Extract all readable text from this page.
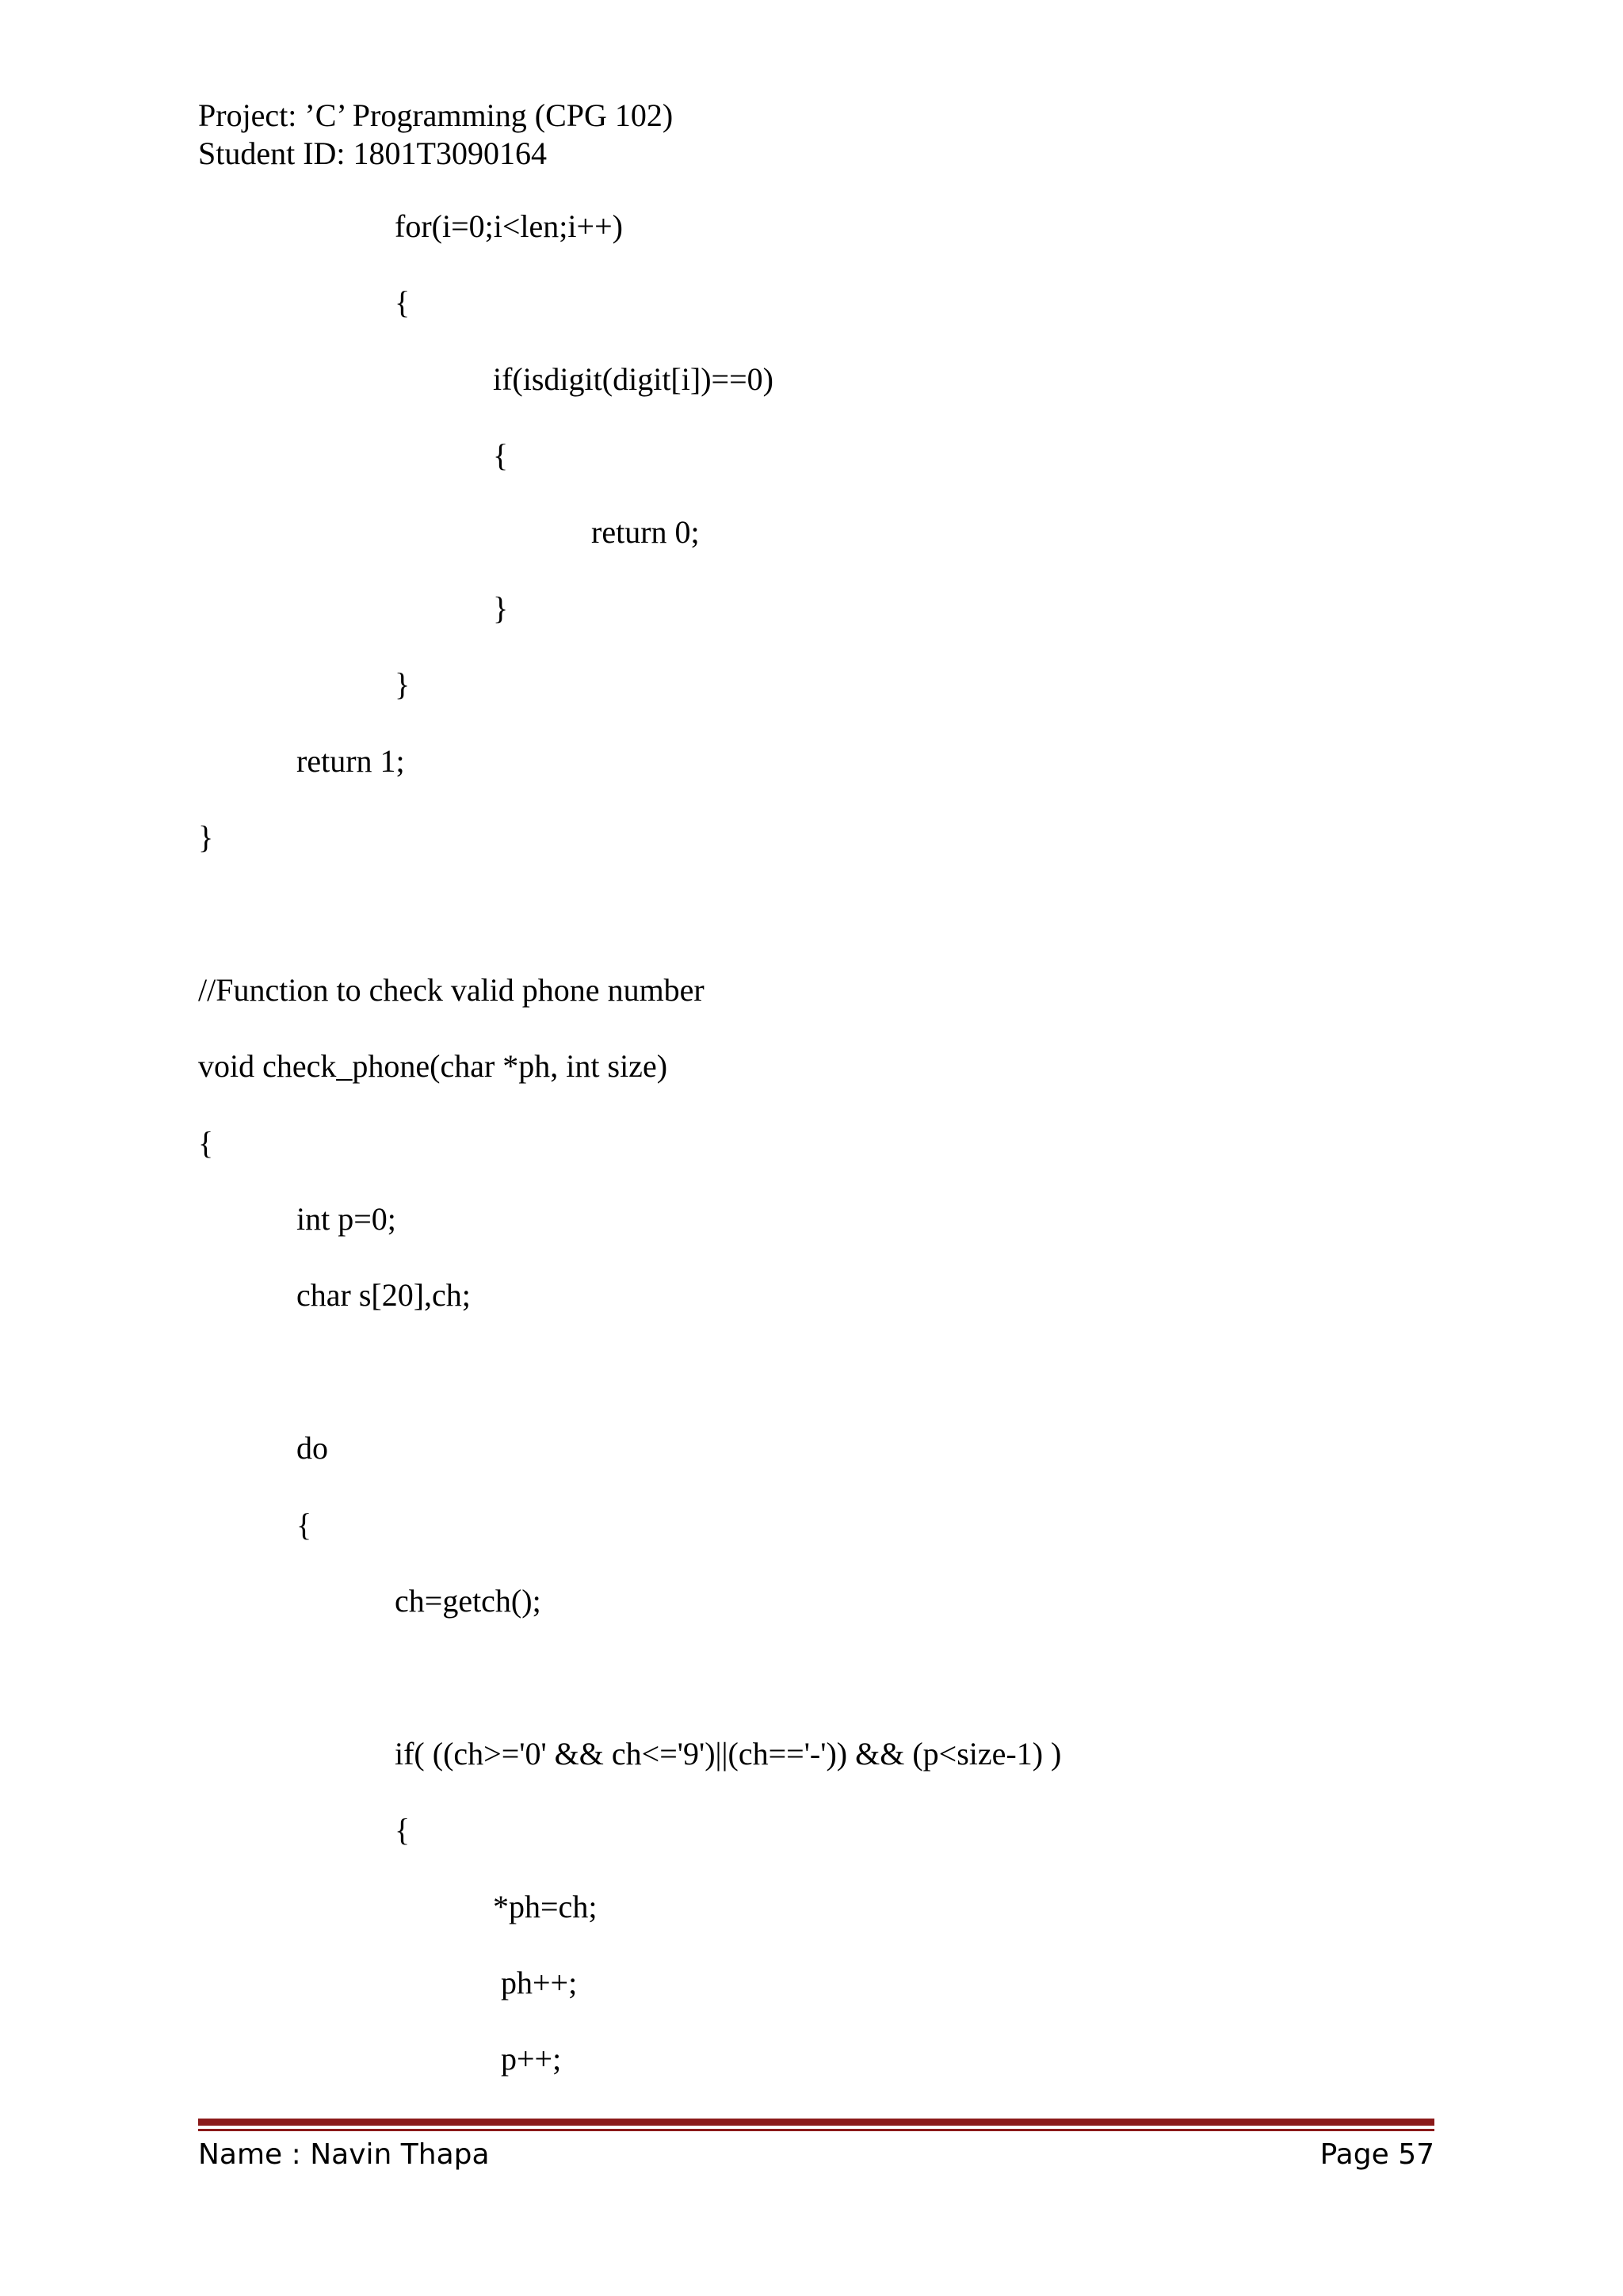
Project: ’C’ Programming (CPG 102)
Student ID: 1801T3090164
for(i=0;i<len;i++)
{
if(isdigit(digit[i])==0)
{
return 0;
}
}
return 1;
}
//Function to check valid phone number
void check_phone(char *ph, int size)
{
int p=0;
char s[20],ch;
do
{
ch=getch();
if( ((ch>='0' && ch<='9')||(ch=='-')) && (p<size-1) )
{
*ph=ch;
ph++;
p++;
Name : Navin Thapa	Page 57
